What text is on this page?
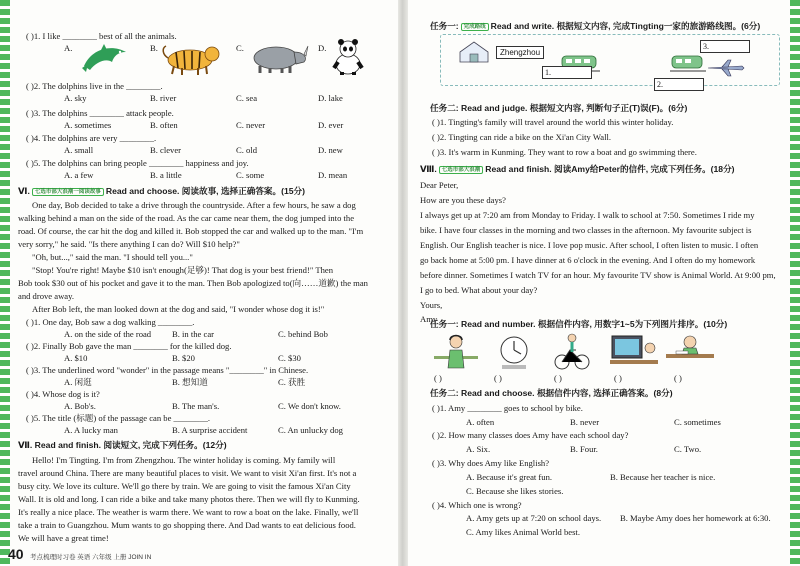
( )1. I like ________ best of all the animals.
A.	B.	C.	D.
( )2. The dolphins live in the ________.
A. sky	B. river	C. sea	D. lake
( )3. The dolphins ________ attack people.
A. sometimes	B. often	C. never	D. ever
( )4. The dolphins are very ________.
A. small	B. clever	C. old	D. new
( )5. The dolphins can bring people ________ happiness and joy.
A. a few	B. a little	C. some	D. mean
Ⅵ. 七选市部大浪潮一阅读故事 Read and choose. 阅读故事, 选择正确答案。(15分)
One day, Bob decided to take a drive through the countryside. After a few hours, he saw a dog
walking behind a man on the side of the road. As the car came near them, the dog jumped into the
road. Of course, the car hit the dog and killed it. Bob stopped the car and walked up to the man. "I'm
very sorry," he said. "Is there anything I can do? Will $10 help?"
"Oh, but...," said the man. "I should tell you..."
"Stop! You're right! Maybe $10 isn't enough(足够)! That dog is your best friend!" Then
Bob took $30 out of his pocket and gave it to the man. Then Bob apologized to(向……道歉) the man
and drove away.
After Bob left, the man looked down at the dog and said, "I wonder whose dog it is!"
( )1. One day, Bob saw a dog walking ________.
A. on the side of the road B. in the car	C. behind Bob
( )2. Finally Bob gave the man ________ for the killed dog.
A. $10	B. $20	C. $30
( )3. The underlined word "wonder" in the passage means "________" in Chinese.
A. 闲逛	B. 想知道	C. 获胜
( )4. Whose dog is it?
A. Bob's.	B. The man's.	C. We don't know.
( )5. The title (标题) of the passage can be ________.
A. A lucky man	B. A surprise accident	C. An unlucky dog
Ⅶ. Read and finish. 阅读短文, 完成下列任务。(12分)
Hello! I'm Tingting. I'm from Zhengzhou. The winter holiday is coming. My family will
travel around China. There are many beautiful places to visit. We want to visit Xi'an first. It's not a
busy city. We love its culture. We'll go there by train. We are going to visit the famous Xi'an City
Wall. It is old and long. I can ride a bike and take many photos there. Then we will fly to Kunming.
It's really a nice place. The weather is warm there. We want to row a boat on the lake. Finally, we'll
take a train to Guangzhou. Mum wants to go shopping there. And Dad wants to eat delicious food.
We will have a great time!
40 考点梳理时习卷 英语 六年级 上册 JOIN IN
任务一: 完成路线 Read and write. 根据短文内容, 完成Tingting一家的旅游路线图。(6分)
Zhengzhou
1.
2.
3.
任务二: Read and judge. 根据短文内容, 判断句子正(T)误(F)。(6分)
( )1. Tingting's family will travel around the world this winter holiday.
( )2. Tingting can ride a bike on the Xi'an City Wall.
( )3. It's warm in Kunming. They want to row a boat and go swimming there.
Ⅷ. 七选市部大浪潮 Read and finish. 阅读Amy给Peter的信件, 完成下列任务。(18分)
Dear Peter,
How are you these days?
I always get up at 7:20 am from Monday to Friday. I walk to school at 7:50. Sometimes I ride my
bike. I have four classes in the morning and two classes in the afternoon. My favourite subject is
English. Our English teacher is nice. I love pop music. After school, I often listen to music. I often
go back home at 5:00 pm. I have dinner at 6 o'clock in the evening. And I often do my homework
before dinner. Sometimes I watch TV for an hour. My favourite TV show is Animal World. At 9:00 pm,
I go to bed. What about your day?
Yours,
Amy
任务一: Read and number. 根据信件内容, 用数字1~5为下列图片排序。(10分)
( )	( )	( )	( )	( )
任务二: Read and choose. 根据信件内容, 选择正确答案。(8分)
( )1. Amy ________ goes to school by bike.
A. often	B. never	C. sometimes
( )2. How many classes does Amy have each school day?
A. Six.	B. Four.	C. Two.
( )3. Why does Amy like English?
A. Because it's great fun.	B. Because her teacher is nice.
C. Because she likes stories.
( )4. Which one is wrong?
A. Amy gets up at 7:20 on school days. B. Maybe Amy does her homework at 6:30.
C. Amy likes Animal World best.
